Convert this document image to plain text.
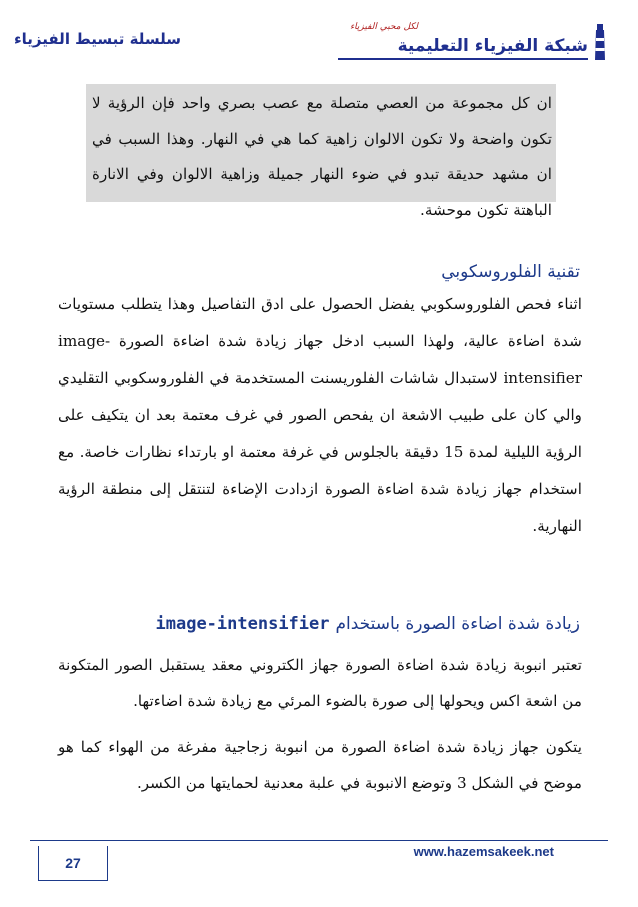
سلسلة تبسيط الفيزياء
لكل محبي الفيزياء
شبكة الفيزياء التعليمية
ان كل مجموعة من العصي متصلة مع عصب بصري واحد فإن الرؤية لا تكون واضحة ولا تكون الالوان زاهية كما هي في النهار. وهذا السبب في ان مشهد حديقة تبدو في ضوء النهار جميلة وزاهية الالوان وفي الانارة الباهتة تكون موحشة.
تقنية الفلوروسكوبي
اثناء فحص الفلوروسكوبي يفضل الحصول على ادق التفاصيل وهذا يتطلب مستويات شدة اضاءة عالية، ولهذا السبب ادخل جهاز زيادة شدة اضاءة الصورة image-intensifier لاستبدال شاشات الفلوريسنت المستخدمة في الفلوروسكوبي التقليدي والي كان على طبيب الاشعة ان يفحص الصور في غرف معتمة بعد ان يتكيف على الرؤية الليلية لمدة 15 دقيقة بالجلوس في غرفة معتمة او بارتداء نظارات خاصة. مع استخدام جهاز زيادة شدة اضاءة الصورة ازدادت الإضاءة لتنتقل إلى منطقة الرؤية النهارية.
زيادة شدة اضاءة الصورة باستخدامimage-intensifier
تعتبر انبوبة زيادة شدة اضاءة الصورة جهاز الكتروني معقد يستقبل الصور المتكونة من اشعة اكس ويحولها إلى صورة بالضوء المرئي مع زيادة شدة اضاءتها.
يتكون جهاز زيادة شدة اضاءة الصورة من انبوبة زجاجية مفرغة من الهواء كما هو موضح في الشكل 3 وتوضع الانبوبة في علبة معدنية لحمايتها من الكسر.
27
www.hazemsakeek.net
